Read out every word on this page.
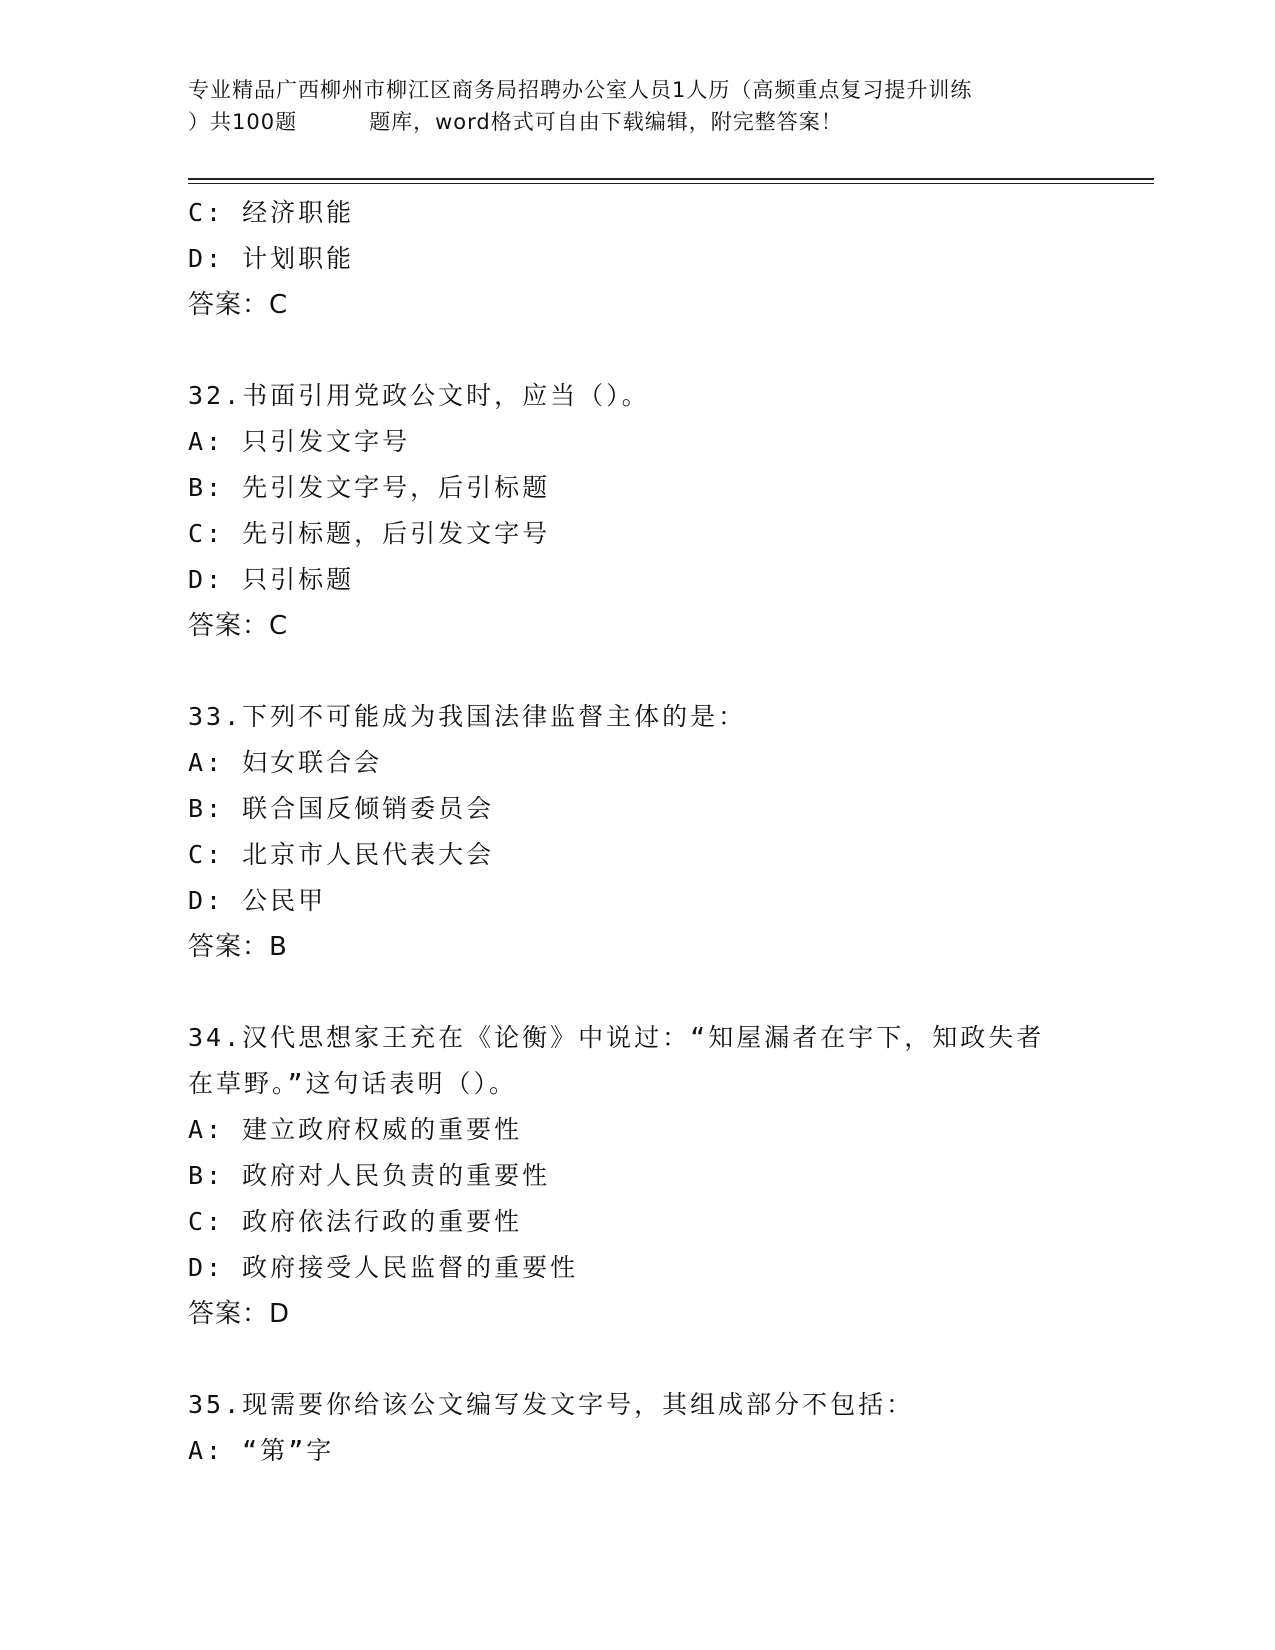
专业精品广西柳州市柳江区商务局招聘办公室人员1人历（高频重点复习提升训练
）共100题	题库，word格式可自由下载编辑，附完整答案！
C: 经济职能
D: 计划职能
答案：C
32.书面引用党政公文时，应当（）。
A: 只引发文字号
B: 先引发文字号，后引标题
C: 先引标题，后引发文字号
D: 只引标题
答案：C
33.下列不可能成为我国法律监督主体的是：
A: 妇女联合会
B: 联合国反倾销委员会
C: 北京市人民代表大会
D: 公民甲
答案：B
34.汉代思想家王充在《论衡》中说过：“知屋漏者在宇下，知政失者
在草野。”这句话表明（）。
A: 建立政府权威的重要性
B: 政府对人民负责的重要性
C: 政府依法行政的重要性
D: 政府接受人民监督的重要性
答案：D
35.现需要你给该公文编写发文字号，其组成部分不包括：
A: “第”字
